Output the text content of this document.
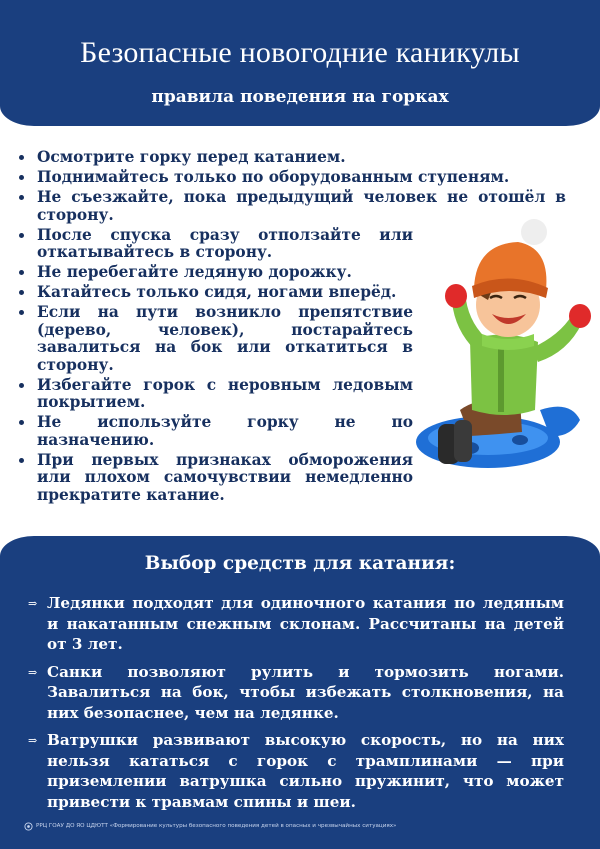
Безопасные новогодние каникулы
правила поведения на горках
Осмотрите горку перед катанием.
Поднимайтесь только по оборудованным ступеням.
Не съезжайте, пока предыдущий человек не отошёл в сторону.
После спуска сразу отползайте или откатывайтесь в сторону.
Не перебегайте ледяную дорожку.
Катайтесь только сидя, ногами вперёд.
Если на пути возникло препятствие (дерево, человек), постарайтесь завалиться на бок или откатиться в сторону.
Избегайте горок с неровным ледовым покрытием.
Не используйте горку не по назначению.
При первых признаках обморожения или плохом самочувствии немедленно прекратите катание.
Выбор средств для катания:
⇒ Ледянки подходят для одиночного катания по ледяным и накатанным снежным склонам. Рассчитаны на детей от 3 лет.
⇒ Санки позволяют рулить и тормозить ногами. Завалиться на бок, чтобы избежать столкновения, на них безопаснее, чем на ледянке.
⇒ Ватрушки развивают высокую скорость, но на них нельзя кататься с горок с трамплинами — при приземлении ватрушка сильно пружинит, что может привести к травмам спины и шеи.
РРЦ ГОАУ ДО ЯО ЦДЮТТ «Формирование культуры безопасного поведения детей в опасных и чрезвычайных ситуациях»
